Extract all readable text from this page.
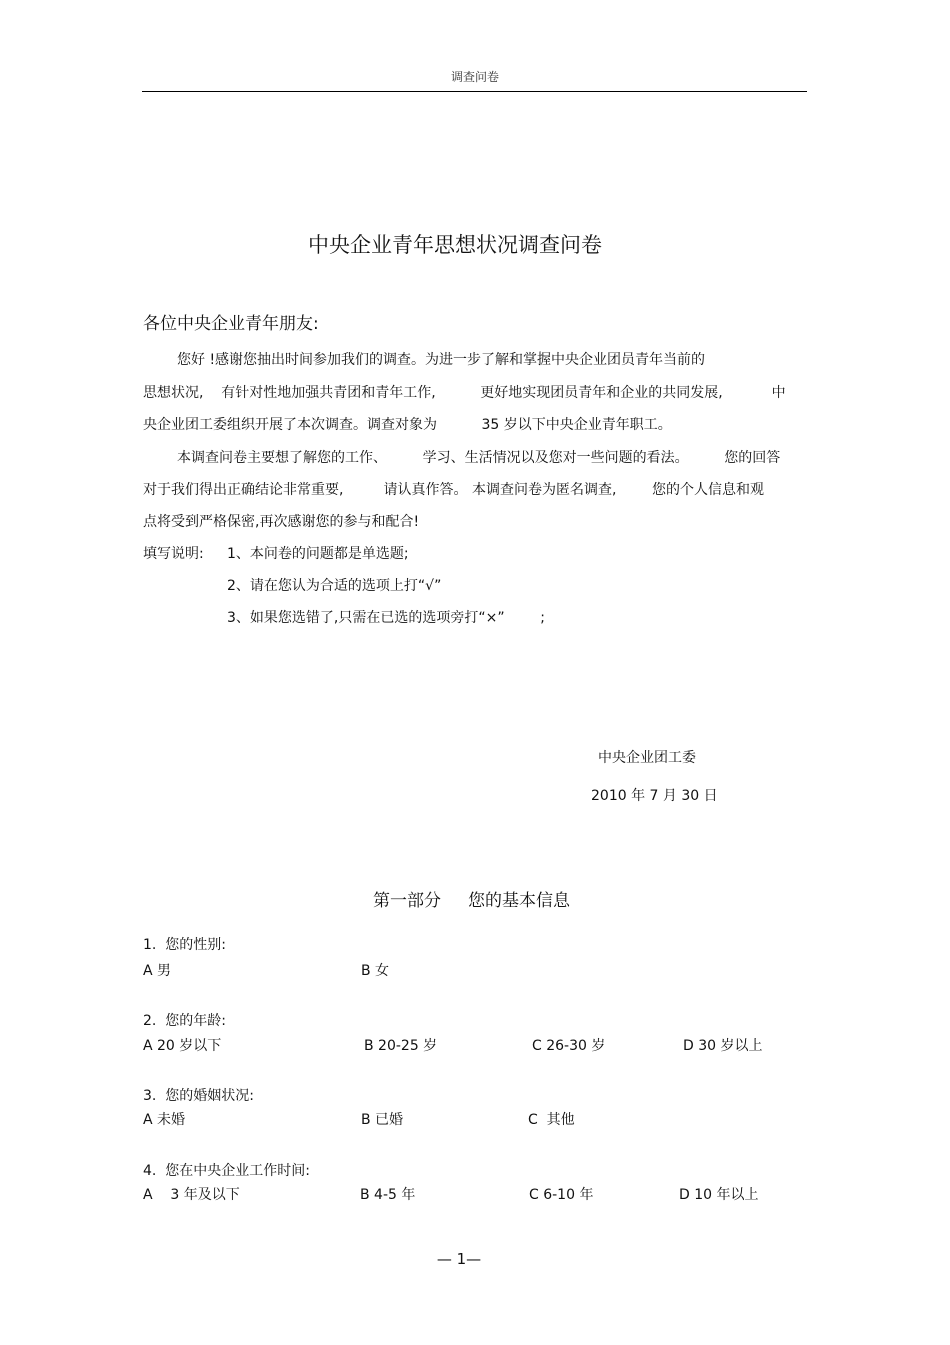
调查问卷
中央企业青年思想状况调查问卷
各位中央企业青年朋友:
您好 !感谢您抽出时间参加我们的调查。为进一步了解和掌握中央企业团员青年当前的
思想状况,    有针对性地加强共青团和青年工作,          更好地实现团员青年和企业的共同发展,           中
央企业团工委组织开展了本次调查。调查对象为          35 岁以下中央企业青年职工。
本调查问卷主要想了解您的工作、        学习、生活情况以及您对一些问题的看法。        您的回答
对于我们得出正确结论非常重要,         请认真作答。 本调查问卷为匿名调查,        您的个人信息和观
点将受到严格保密,再次感谢您的参与和配合!
填写说明: 1、本问卷的问题都是单选题;
2、请在您认为合适的选项上打“√”
3、如果您选错了,只需在已选的选项旁打“×”        ;
中央企业团工委
2010 年 7 月 30 日
第一部分     您的基本信息
1.  您的性别:
A 男	B 女
2.  您的年龄:
A 20 岁以下	B 20-25 岁	C 26-30 岁	D 30 岁以上
3.  您的婚姻状况:
A 未婚	B 已婚	C  其他
4.  您在中央企业工作时间:
A    3 年及以下	B 4-5 年	C 6-10 年	D 10 年以上
— 1—
